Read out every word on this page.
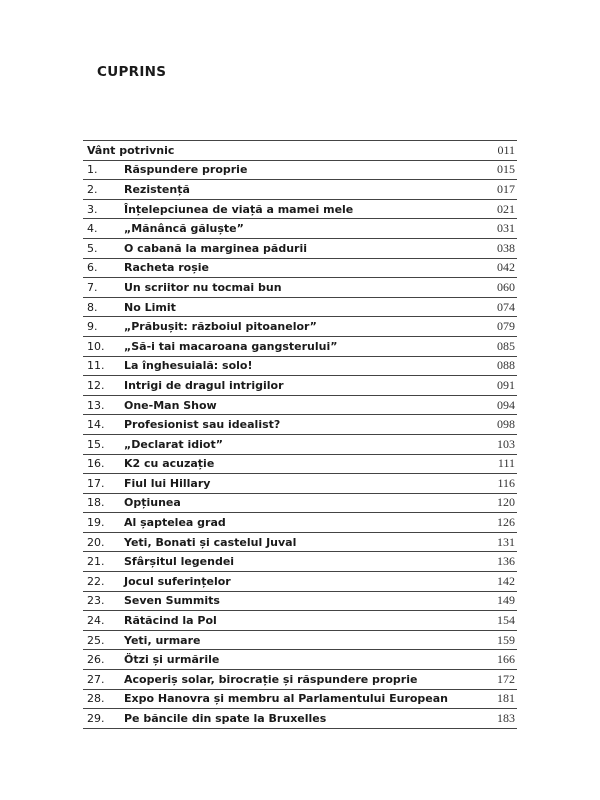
CUPRINS
Vânt potrivnic	011
1.	Răspundere proprie	015
2.	Rezistență	017
3.	Înțelepciunea de viață a mamei mele	021
4.	„Mănâncă găluște”	031
5.	O cabană la marginea pădurii	038
6.	Racheta roșie	042
7.	Un scriitor nu tocmai bun	060
8.	No Limit	074
9.	„Prăbușit: războiul pitoanelor”	079
10.	„Să-i tai macaroana gangsterului”	085
11.	La înghesuială: solo!	088
12.	Intrigi de dragul intrigilor	091
13.	One-Man Show	094
14.	Profesionist sau idealist?	098
15.	„Declarat idiot”	103
16.	K2 cu acuzație	111
17.	Fiul lui Hillary	116
18.	Opțiunea	120
19.	Al șaptelea grad	126
20.	Yeti, Bonati și castelul Juval	131
21.	Sfârșitul legendei	136
22.	Jocul suferințelor	142
23.	Seven Summits	149
24.	Rătăcind la Pol	154
25.	Yeti, urmare	159
26.	Ötzi și urmările	166
27.	Acoperiș solar, birocrație și răspundere proprie	172
28.	Expo Hanovra și membru al Parlamentului European	181
29.	Pe băncile din spate la Bruxelles	183
